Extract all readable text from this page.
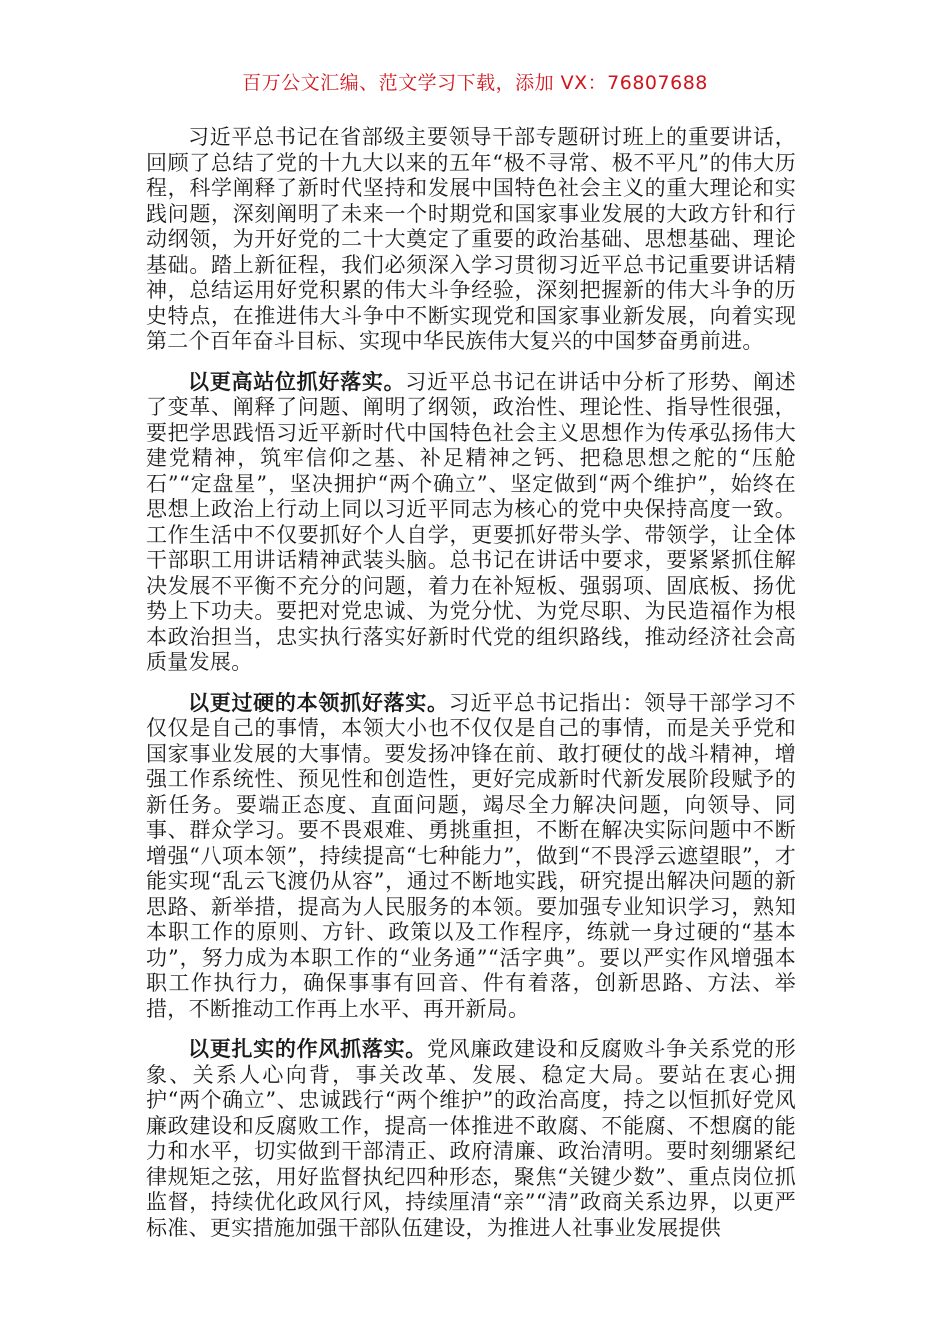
百万公文汇编、范文学习下载，添加 VX：76807688

习近平总书记在省部级主要领导干部专题研讨班上的重要讲话，回顾了总结了党的十九大以来的五年“极不寻常、极不平凡”的伟大历程，科学阐释了新时代坚持和发展中国特色社会主义的重大理论和实践问题，深刻阐明了未来一个时期党和国家事业发展的大政方针和行动纲领，为开好党的二十大奠定了重要的政治基础、思想基础、理论基础。踏上新征程，我们必须深入学习贯彻习近平总书记重要讲话精神，总结运用好党积累的伟大斗争经验，深刻把握新的伟大斗争的历史特点，在推进伟大斗争中不断实现党和国家事业新发展，向着实现第二个百年奋斗目标、实现中华民族伟大复兴的中国梦奋勇前进。

以更高站位抓好落实。习近平总书记在讲话中分析了形势、阐述了变革、阐释了问题、阐明了纲领，政治性、理论性、指导性很强，要把学思践悟习近平新时代中国特色社会主义思想作为传承弘扬伟大建党精神，筑牢信仰之基、补足精神之钙、把稳思想之舵的“压舱石”“定盘星”，坚决拥护“两个确立”、坚定做到“两个维护”，始终在思想上政治上行动上同以习近平同志为核心的党中央保持高度一致。工作生活中不仅要抓好个人自学，更要抓好带头学、带领学，让全体干部职工用讲话精神武装头脑。总书记在讲话中要求，要紧紧抓住解决发展不平衡不充分的问题，着力在补短板、强弱项、固底板、扬优势上下功夫。要把对党忠诚、为党分忧、为党尽职、为民造福作为根本政治担当，忠实执行落实好新时代党的组织路线，推动经济社会高质量发展。

以更过硬的本领抓好落实。习近平总书记指出：领导干部学习不仅仅是自己的事情，本领大小也不仅仅是自己的事情，而是关乎党和国家事业发展的大事情。要发扬冲锋在前、敢打硬仗的战斗精神，增强工作系统性、预见性和创造性，更好完成新时代新发展阶段赋予的新任务。要端正态度、直面问题，竭尽全力解决问题，向领导、同事、群众学习。要不畏艰难、勇挑重担，不断在解决实际问题中不断增强“八项本领”，持续提高“七种能力”，做到“不畏浮云遮望眼”，才能实现“乱云飞渡仍从容”，通过不断地实践，研究提出解决问题的新思路、新举措，提高为人民服务的本领。要加强专业知识学习，熟知本职工作的原则、方针、政策以及工作程序，练就一身过硬的“基本功”，努力成为本职工作的“业务通”“活字典”。要以严实作风增强本职工作执行力，确保事事有回音、件有着落，创新思路、方法、举措，不断推动工作再上水平、再开新局。

以更扎实的作风抓落实。党风廉政建设和反腐败斗争关系党的形象、关系人心向背，事关改革、发展、稳定大局。要站在衷心拥护“两个确立”、忠诚践行“两个维护”的政治高度，持之以恒抓好党风廉政建设和反腐败工作，提高一体推进不敢腐、不能腐、不想腐的能力和水平，切实做到干部清正、政府清廉、政治清明。要时刻绷紧纪律规矩之弦，用好监督执纪四种形态，聚焦“关键少数”、重点岗位抓监督，持续优化政风行风，持续厘清“亲”“清”政商关系边界，以更严标准、更实措施加强干部队伍建设，为推进人社事业发展提供
